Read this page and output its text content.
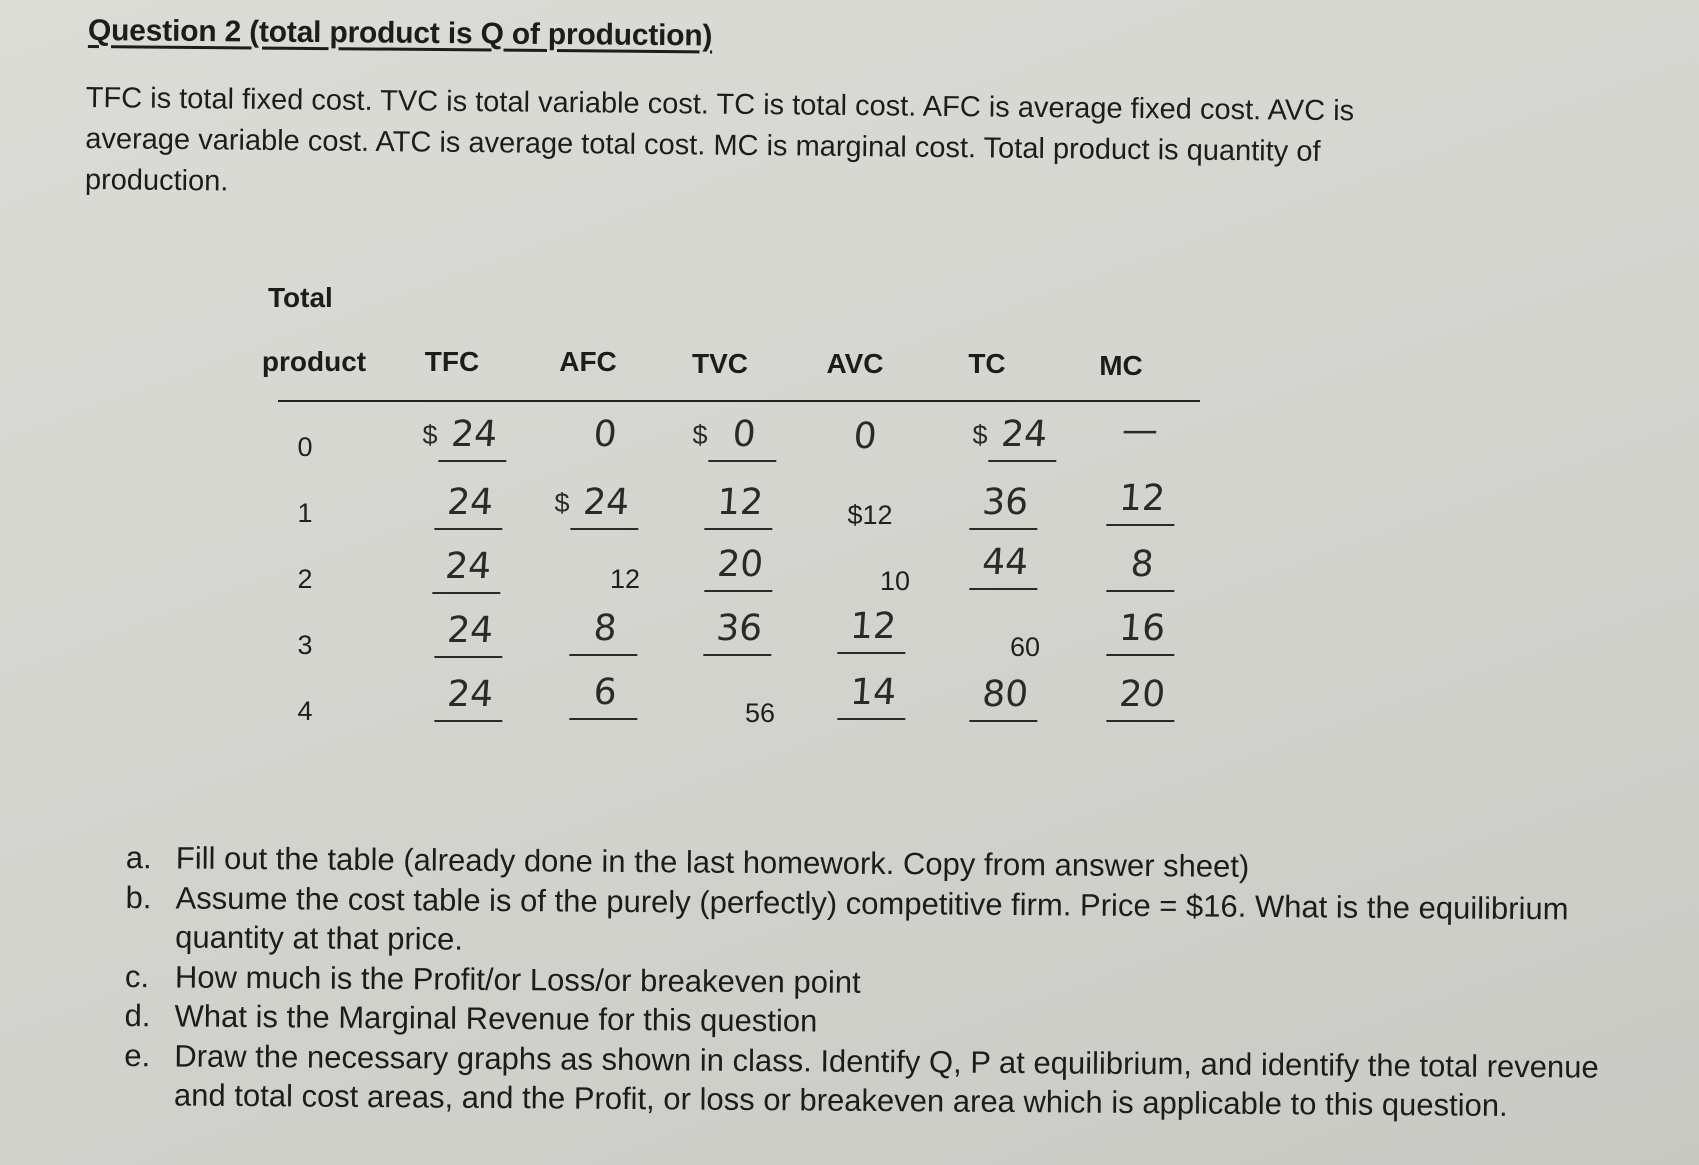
Question 2 (total product is Q of production)

TFC is total fixed cost. TVC is total variable cost. TC is total cost. AFC is average fixed cost. AVC is average variable cost. ATC is average total cost. MC is marginal cost. Total product is quantity of production.

Total
product	TFC	AFC	TVC	AVC	TC	MC
0	$ 24	0	$ 0	0	$ 24	—
1	24	$ 24	12	$12	36	12
2	24	12	20	10	44	8
3	24	8	36	12	60	16
4	24	6	56	14	80	20
a. Fill out the table (already done in the last homework. Copy from answer sheet)
b. Assume the cost table is of the purely (perfectly) competitive firm. Price = $16. What is the equilibrium quantity at that price.
c. How much is the Profit/or Loss/or breakeven point
d. What is the Marginal Revenue for this question
e. Draw the necessary graphs as shown in class. Identify Q, P at equilibrium, and identify the total revenue and total cost areas, and the Profit, or loss or breakeven area which is applicable to this question.
